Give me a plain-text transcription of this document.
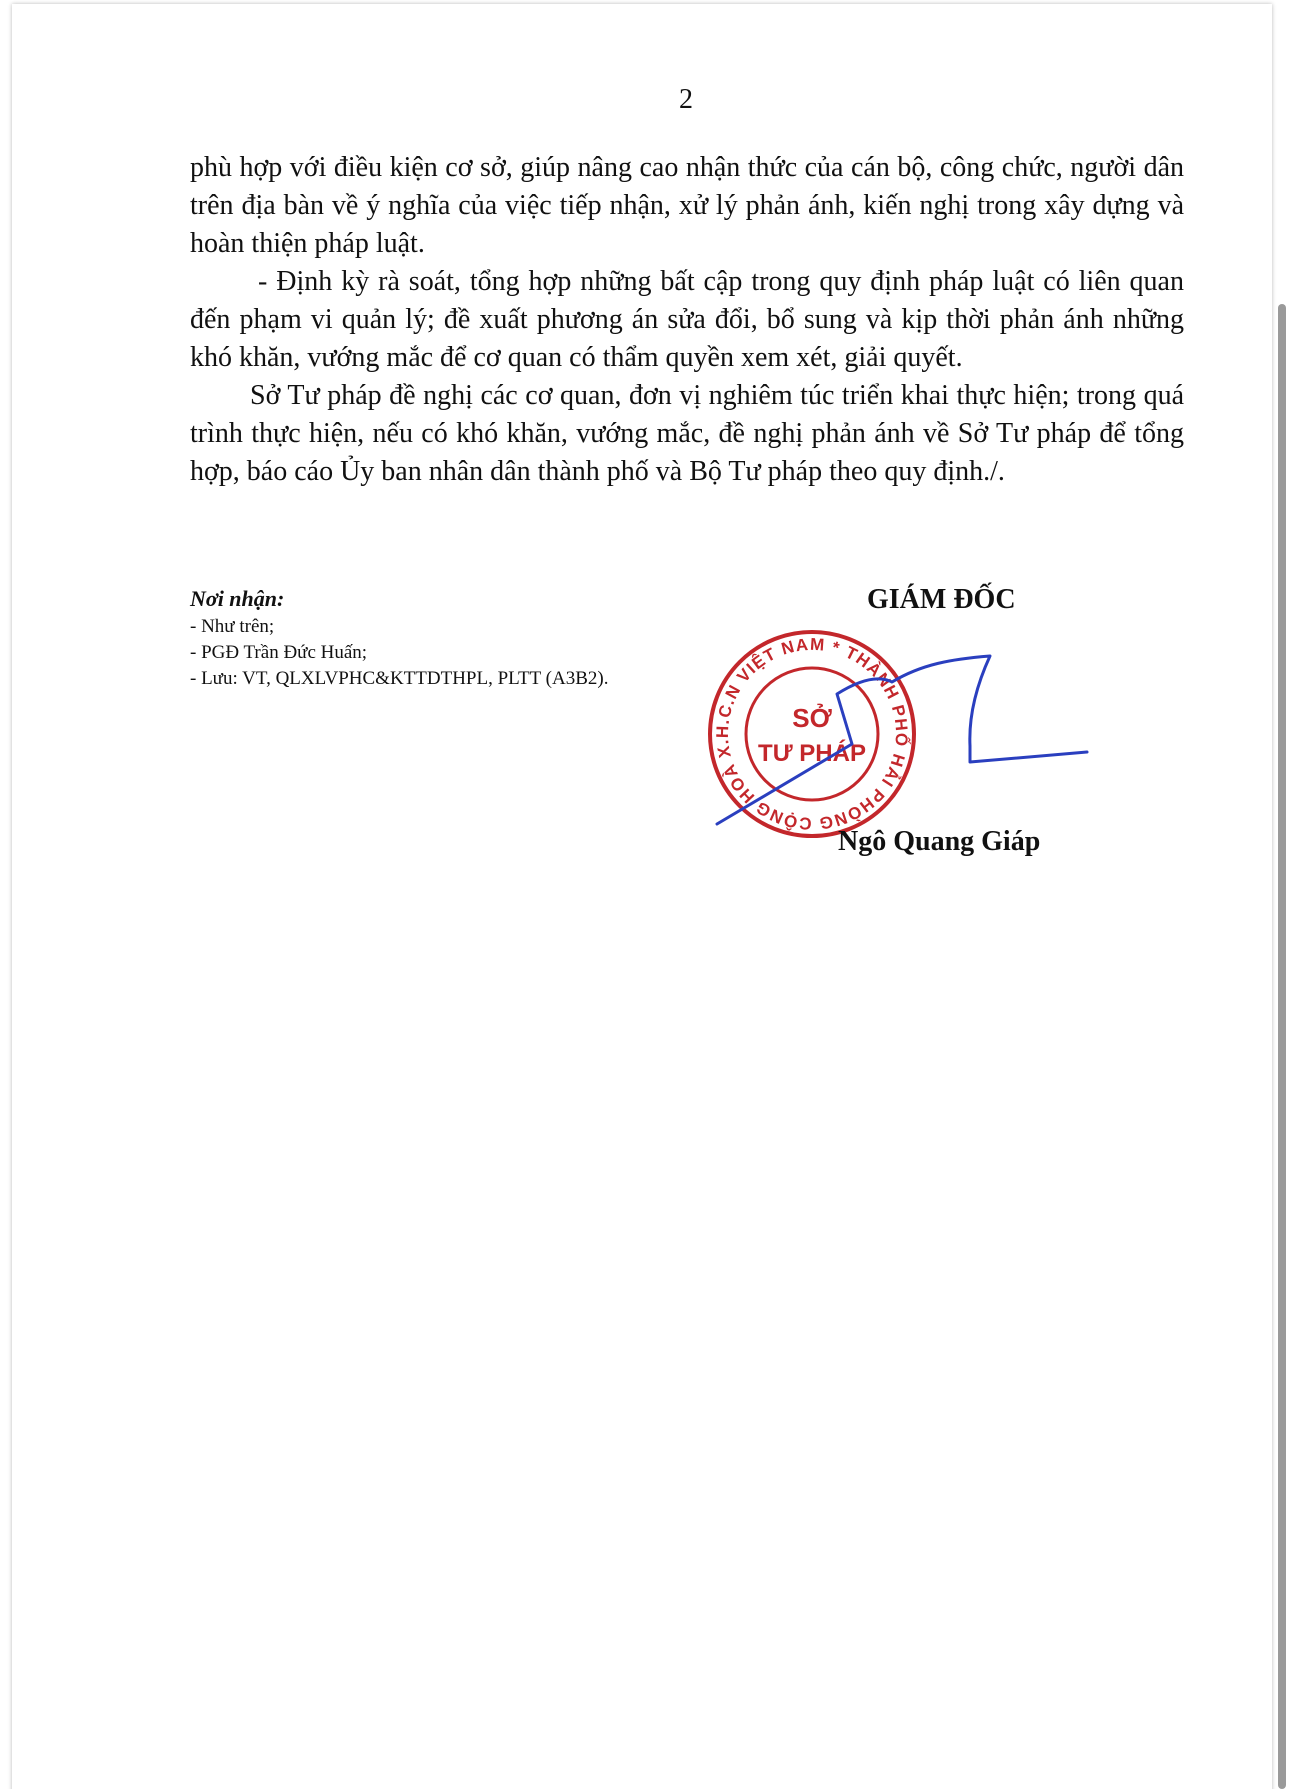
2

phù hợp với điều kiện cơ sở, giúp nâng cao nhận thức của cán bộ, công chức, người dân trên địa bàn về ý nghĩa của việc tiếp nhận, xử lý phản ánh, kiến nghị trong xây dựng và hoàn thiện pháp luật.

- Định kỳ rà soát, tổng hợp những bất cập trong quy định pháp luật có liên quan đến phạm vi quản lý; đề xuất phương án sửa đổi, bổ sung và kịp thời phản ánh những khó khăn, vướng mắc để cơ quan có thẩm quyền xem xét, giải quyết.

Sở Tư pháp đề nghị các cơ quan, đơn vị nghiêm túc triển khai thực hiện; trong quá trình thực hiện, nếu có khó khăn, vướng mắc, đề nghị phản ánh về Sở Tư pháp để tổng hợp, báo cáo Ủy ban nhân dân thành phố và Bộ Tư pháp theo quy định./.

Nơi nhận:
- Như trên;
- PGĐ Trần Đức Huấn;
- Lưu: VT, QLXLVPHC&KTTDTHPL, PLTT (A3B2).
GIÁM ĐỐC
CỘNG HOÀ X.H.C.N VIỆT NAM * THÀNH PHỐ HẢI PHÒNG *
SỞ
TƯ PHÁP
Ngô Quang Giáp
